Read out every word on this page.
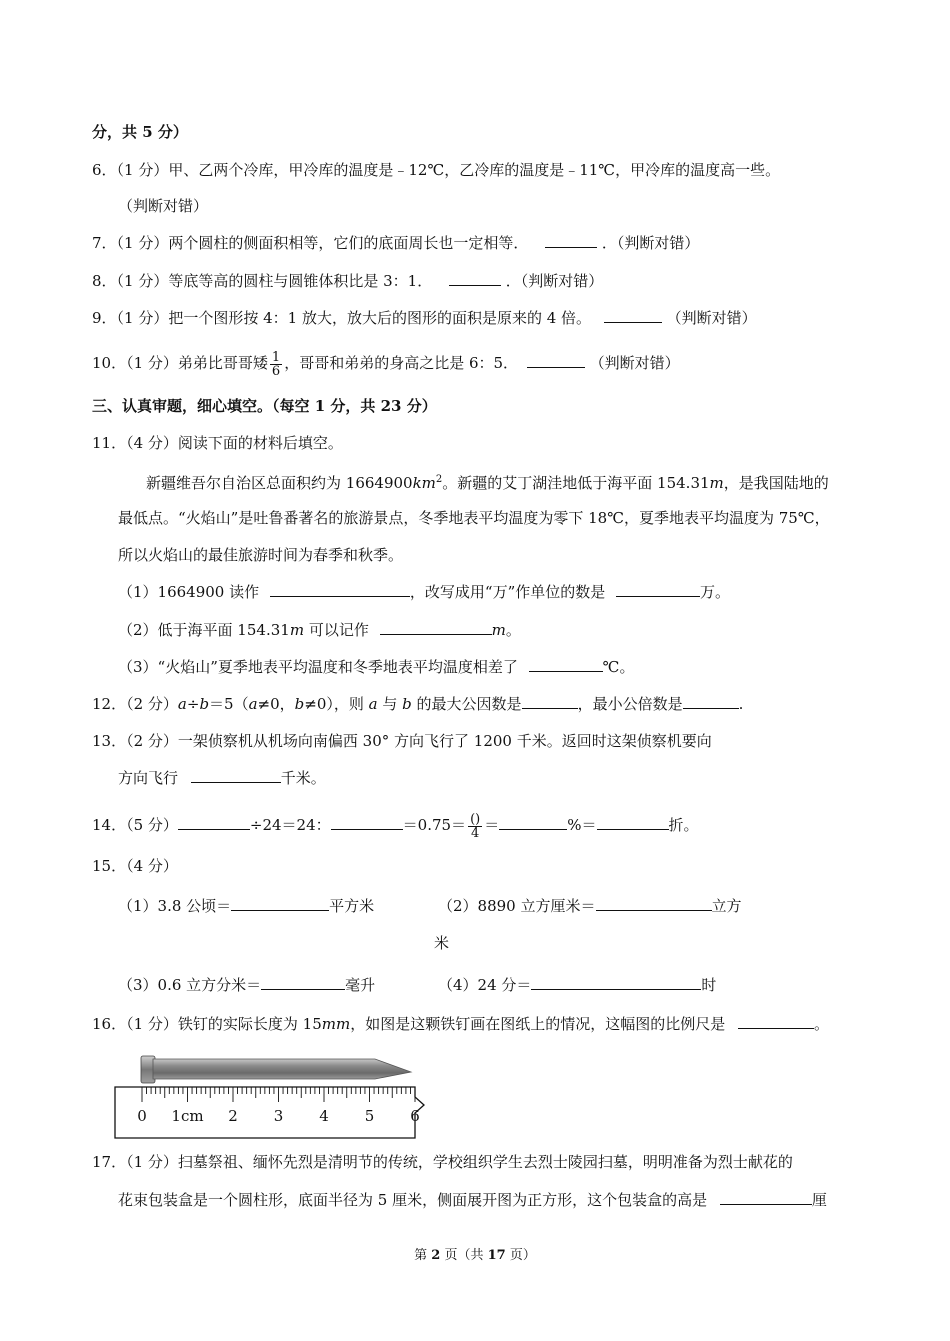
分，共 5 分）
6．（1 分）甲、乙两个冷库，甲冷库的温度是﹣12℃，乙冷库的温度是﹣11℃，甲冷库的温度高一些。
（判断对错）
7．（1 分）两个圆柱的侧面积相等，它们的底面周长也一定相等．	．（判断对错）
8．（1 分）等底等高的圆柱与圆锥体积比是 3：1．	．（判断对错）
9．（1 分）把一个图形按 4：1 放大，放大后的图形的面积是原来的 4 倍。	（判断对错）
10．（1 分）弟弟比哥哥矮 $\frac{1}{6}$ ，哥哥和弟弟的身高之比是 6：5．	（判断对错）
三、认真审题，细心填空。（每空 1 分，共 23 分）
11．（4 分）阅读下面的材料后填空。
新疆维吾尔自治区总面积约为 $1664900km^2$。新疆的艾丁湖洼地低于海平面 154.31m，是我国陆地的
最低点。“火焰山”是吐鲁番著名的旅游景点，冬季地表平均温度为零下 18℃，夏季地表平均温度为 75℃，
所以火焰山的最佳旅游时间为春季和秋季。
（1）1664900 读作	，改写成用“万”作单位的数是	万。
（2）低于海平面 154.31m 可以记作	m。
（3）“火焰山”夏季地表平均温度和冬季地表平均温度相差了	℃。
12．（2 分）a÷b＝5（a≠0，b≠0），则 a 与 b 的最大公因数是	，最小公倍数是	.
13．（2 分）一架侦察机从机场向南偏西 30° 方向飞行了 1200 千米。返回时这架侦察机要向
方向飞行	千米。
14．（5 分）	÷24＝24：	$=0.75= \frac{()}{4}$ ＝	%＝	折。
15．（4 分）
（1）3.8 公顷＝	平方米	（2）8890 立方厘米＝	立方
米
（3）0.6 立方分米＝	毫升	（4）24 分＝	时
16．（1 分）铁钉的实际长度为 15mm，如图是这颗铁钉画在图纸上的情况，这幅图的比例尺是	。
0 1cm 2 3 4 5 6
17．（1 分）扫墓祭祖、缅怀先烈是清明节的传统，学校组织学生去烈士陵园扫墓，明明准备为烈士献花的
花束包装盒是一个圆柱形，底面半径为 5 厘米，侧面展开图为正方形，这个包装盒的高是	厘
第 2 页（共 17 页）
